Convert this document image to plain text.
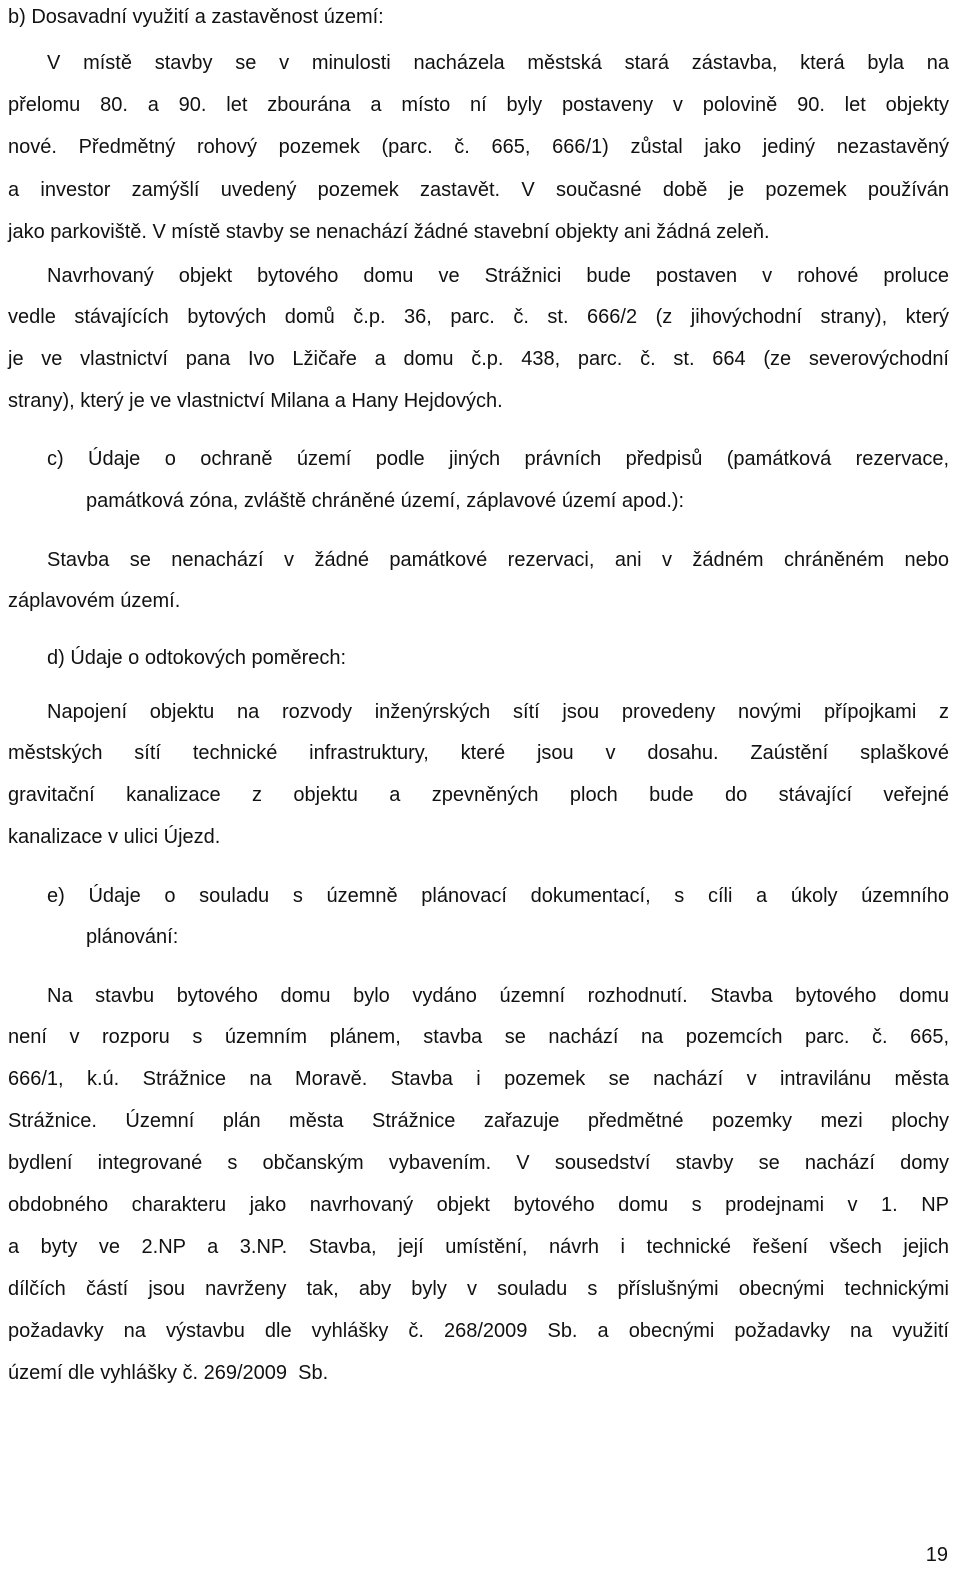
b) Dosavadní využití a zastavěnost území:

V místě stavby se v minulosti nacházela městská stará zástavba, která byla na

přelomu 80. a 90. let zbourána a místo ní byly postaveny v polovině 90. let objekty

nové. Předmětný rohový pozemek (parc. č. 665, 666/1) zůstal jako jediný nezastavěný

a investor zamýšlí uvedený pozemek zastavět. V současné době je pozemek používán

jako parkoviště. V místě stavby se nenachází žádné stavební objekty ani žádná zeleň.

Navrhovaný objekt bytového domu ve Strážnici bude postaven v rohové proluce

vedle stávajících bytových domů č.p. 36, parc. č. st. 666/2 (z jihovýchodní strany), který

je ve vlastnictví pana Ivo Lžičaře a domu č.p. 438, parc. č. st. 664 (ze severovýchodní

strany), který je ve vlastnictví Milana a Hany Hejdových.

c) Údaje o ochraně území podle jiných právních předpisů (památková rezervace,

památková zóna, zvláště chráněné území, záplavové území apod.):

Stavba se nenachází v žádné památkové rezervaci, ani v žádném chráněném nebo

záplavovém území.

d) Údaje o odtokových poměrech:

Napojení objektu na rozvody inženýrských sítí jsou provedeny novými přípojkami z

městských sítí technické infrastruktury, které jsou v dosahu. Zaústění splaškové

gravitační kanalizace z objektu a zpevněných ploch bude do stávající veřejné

kanalizace v ulici Újezd.

e) Údaje o souladu s územně plánovací dokumentací, s cíli a úkoly územního

plánování:

Na stavbu bytového domu bylo vydáno územní rozhodnutí. Stavba bytového domu

není v rozporu s územním plánem, stavba se nachází na pozemcích parc. č. 665,

666/1, k.ú. Strážnice na Moravě. Stavba i pozemek se nachází v intravilánu města

Strážnice. Územní plán města Strážnice zařazuje předmětné pozemky mezi plochy

bydlení integrované s občanským vybavením. V sousedství stavby se nachází domy

obdobného charakteru jako navrhovaný objekt bytového domu s prodejnami v 1. NP

a byty ve 2.NP a 3.NP. Stavba, její umístění, návrh i technické řešení všech jejich

dílčích částí jsou navrženy tak, aby byly v souladu s příslušnými obecnými technickými

požadavky na výstavbu dle vyhlášky č. 268/2009 Sb. a obecnými požadavky na využití

území dle vyhlášky č. 269/2009  Sb.

19
